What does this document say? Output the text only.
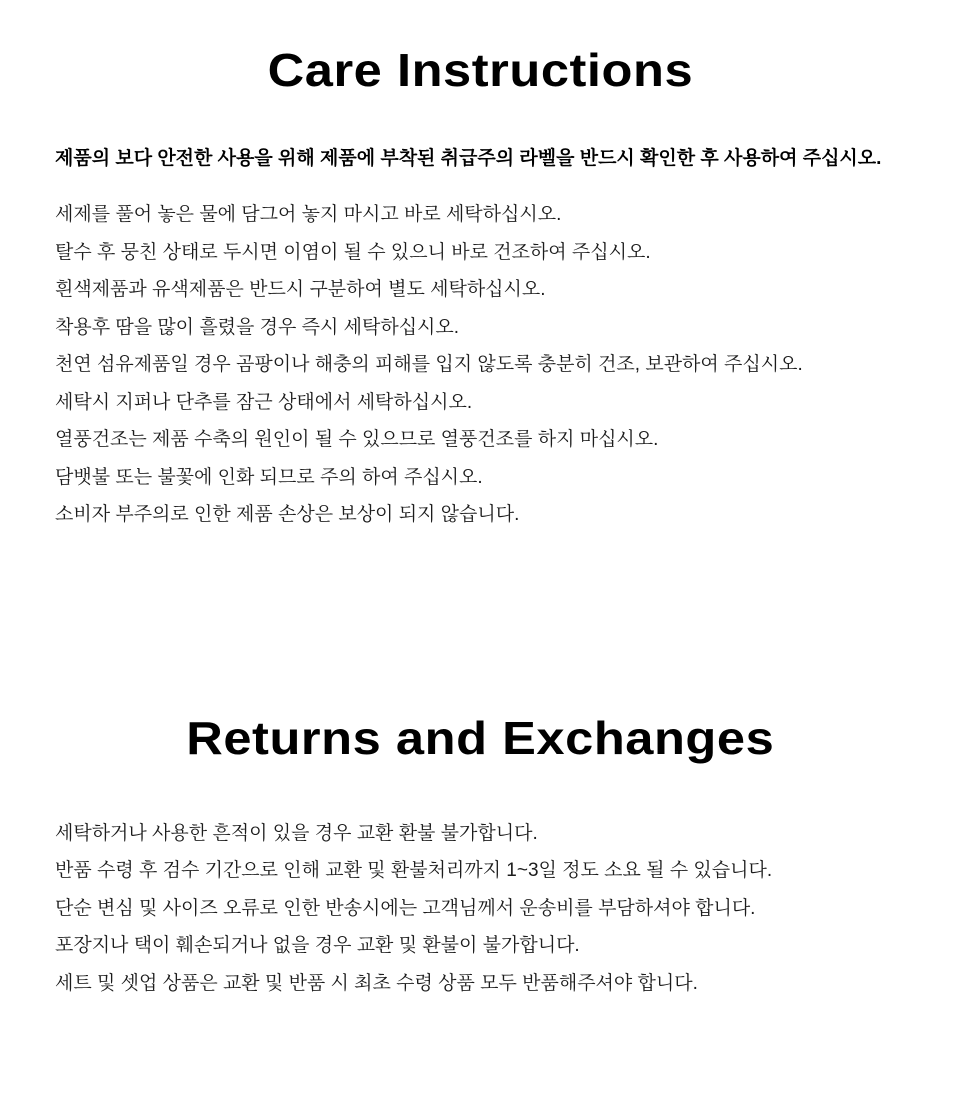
Care Instructions

제품의 보다 안전한 사용을 위해 제품에 부착된 취급주의 라벨을 반드시 확인한 후 사용하여 주십시오.

세제를 풀어 놓은 물에 담그어 놓지 마시고 바로 세탁하십시오.
탈수 후 뭉친 상태로 두시면 이염이 될 수 있으니 바로 건조하여 주십시오.
흰색제품과 유색제품은 반드시 구분하여 별도 세탁하십시오.
착용후 땀을 많이 흘렸을 경우 즉시 세탁하십시오.
천연 섬유제품일 경우 곰팡이나 해충의 피해를 입지 않도록 충분히 건조, 보관하여 주십시오.
세탁시 지퍼나 단추를 잠근 상태에서 세탁하십시오.
열풍건조는 제품 수축의 원인이 될 수 있으므로 열풍건조를 하지 마십시오.
담뱃불 또는 불꽃에 인화 되므로 주의 하여 주십시오.
소비자 부주의로 인한 제품 손상은 보상이 되지 않습니다.
Returns and Exchanges
세탁하거나 사용한 흔적이 있을 경우 교환 환불 불가합니다.
반품 수령 후 검수 기간으로 인해 교환 및 환불처리까지 1~3일 정도 소요 될 수 있습니다.
단순 변심 및 사이즈 오류로 인한 반송시에는 고객님께서 운송비를 부담하셔야 합니다.
포장지나 택이 훼손되거나 없을 경우 교환 및 환불이 불가합니다.
세트 및 셋업 상품은 교환 및 반품 시 최초 수령 상품 모두 반품해주셔야 합니다.
